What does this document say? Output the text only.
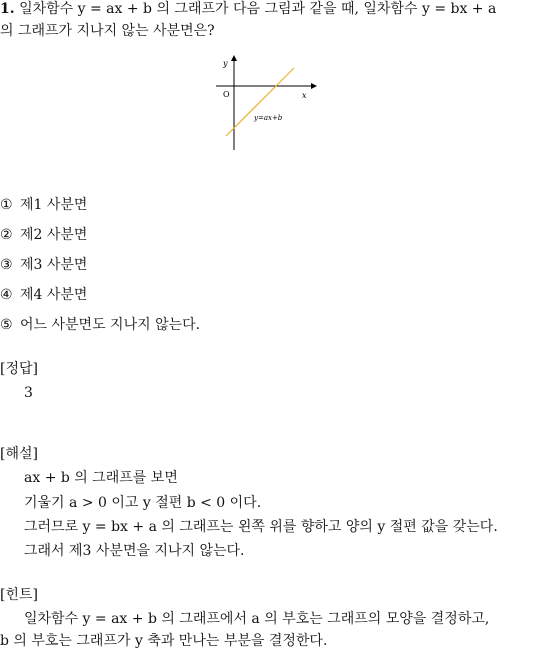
1. 일차함수 y = ax + b 의 그래프가 다음 그림과 같을 때, 일차함수 y = bx + a
의 그래프가 지나지 않는 사분면은?
y
x
O
y=ax+b
① 제1 사분면
② 제2 사분면
③ 제3 사분면
④ 제4 사분면
⑤ 어느 사분면도 지나지 않는다.
[정답]
3
[해설]
ax + b 의 그래프를 보면
기울기 a > 0 이고 y 절편 b < 0 이다.
그러므로 y = bx + a 의 그래프는 왼쪽 위를 향하고 양의 y 절편 값을 갖는다.
그래서 제3 사분면을 지나지 않는다.
[힌트]
일차함수 y = ax + b 의 그래프에서 a 의 부호는 그래프의 모양을 결정하고,
b 의 부호는 그래프가 y 축과 만나는 부분을 결정한다.
